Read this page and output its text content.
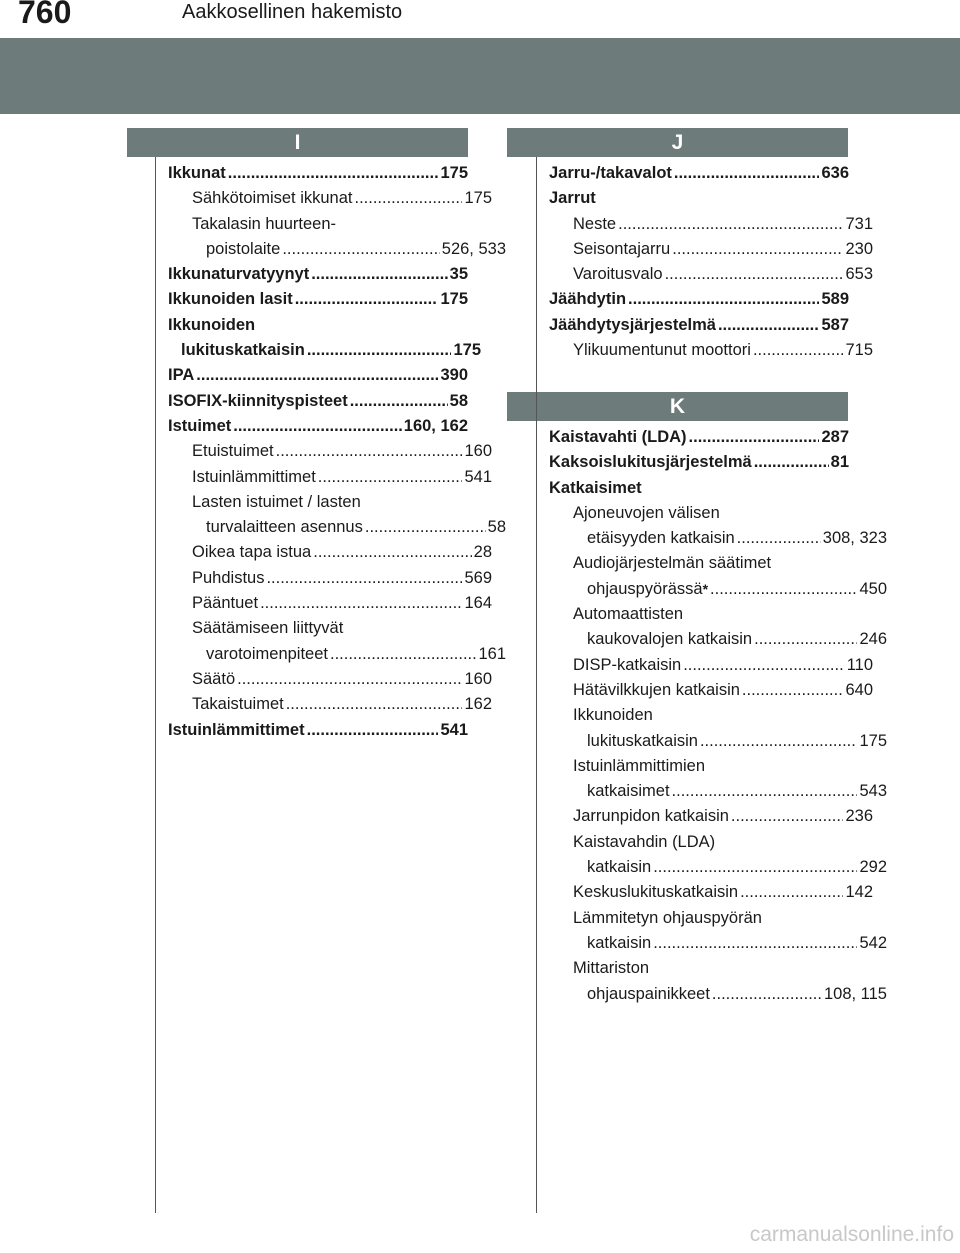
760	Aakkosellinen hakemisto
I	J
K
Ikkunat .....	175
Sähkötoimiset ikkunat .....	175
Takalasin huurteen-
poistolaite .....	526, 533
Ikkunaturvatyynyt .....	35
Ikkunoiden lasit .....	175
Ikkunoiden
lukituskatkaisin .....	175
IPA .....	390
ISOFIX-kiinnityspisteet .....	58
Istuimet .....	160, 162
Etuistuimet .....	160
Istuinlämmittimet .....	541
Lasten istuimet / lasten
turvalaitteen asennus .....	58
Oikea tapa istua .....	28
Puhdistus .....	569
Pääntuet .....	164
Säätämiseen liittyvät
varotoimenpiteet .....	161
Säätö .....	160
Takaistuimet .....	162
Istuinlämmittimet .....	541
Jarru-/takavalot .....	636
Jarrut
Neste .....	731
Seisontajarru .....	230
Varoitusvalo .....	653
Jäähdytin .....	589
Jäähdytysjärjestelmä .....	587
Ylikuumentunut moottori .....	715
Kaistavahti (LDA) .....	287
Kaksoislukitusjärjestelmä .....	81
Katkaisimet
Ajoneuvojen välisen
etäisyyden katkaisin .....	308, 323
Audiojärjestelmän säätimet
ohjauspyörässä * .....	450
Automaattisten
kaukovalojen katkaisin .....	246
DISP-katkaisin .....	110
Hätävilkkujen katkaisin .....	640
Ikkunoiden
lukituskatkaisin .....	175
Istuinlämmittimien
katkaisimet .....	543
Jarrunpidon katkaisin .....	236
Kaistavahdin (LDA)
katkaisin .....	292
Keskuslukituskatkaisin .....	142
Lämmitetyn ohjauspyörän
katkaisin .....	542
Mittariston
ohjauspainikkeet .....	108, 115
carmanualsonline.info
